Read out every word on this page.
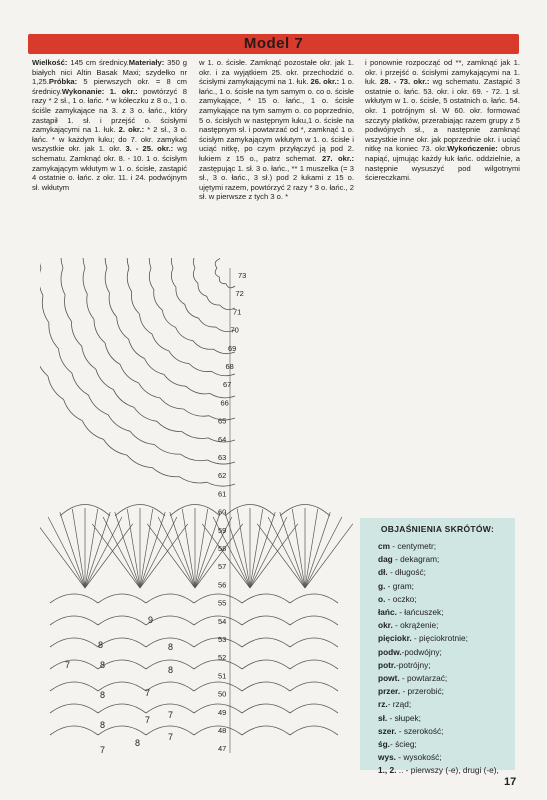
Model 7

Wielkość: 145 cm średnicy.Materiały: 350 g białych nici Altin Basak Maxi; szydełko nr 1,25.Próbka: 5 pierwszych okr. = 8 cm średnicy.Wykonanie: 1. okr.: powtórzyć 8 razy * 2 sł., 1 o. łańc. * w kółeczku z 8 o., 1 o. ściśle zamykające na 3. z 3 o. łańc., który zastąpił 1. sł. i przejść o. ścisłymi zamykającymi na 1. łuk. 2. okr.: * 2 sł., 3 o. łańc. * w każdym łuku; do 7. okr. zamykać wszystkie okr. jak 1. okr. 3. - 25. okr.: wg schematu. Zamknąć okr. 8. - 10. 1 o. ścisłym zamykającym wkłutym w 1. o. ścisłe, zastąpić 4 ostatnie o. łańc. z okr. 11. i 24. podwójnym sł. wkłutym

w 1. o. ścisłe. Zamknąć pozostałe okr. jak 1. okr. i za wyjątkiem 25. okr. przechodzić o. ścisłymi zamykającymi na 1. łuk. 26. okr.: 1 o. łańc., 1 o. ścisłe na tym samym o. co o. ścisłe zamykające, * 15 o. łańc., 1 o. ścisłe zamykające na tym samym o. co poprzednio, 5 o. ścisłych w następnym łuku,1 o. ścisłe na następnym sł. i powtarzać od *, zamknąć 1 o. ścisłym zamykającym wkłutym w 1. o. ścisłe i uciąć nitkę, po czym przyłączyć ją pod 2. łukiem z 15 o., patrz schemat. 27. okr.: zastępując 1. sł. 3 o. łańc., ** 1 muszelka (= 3 sł., 3 o. łańc., 3 sł.) pod 2 łukami z 15 o. ujętymi razem, powtórzyć 2 razy * 3 o. łańc., 2 sł. w pierwsze z tych 3 o. *

i ponownie rozpocząć od **, zamknąć jak 1. okr. i przejść o. ścisłymi zamykającymi na 1. łuk. 28. - 73. okr.: wg schematu. Zastąpić 3 ostatnie o. łańc. 53. okr. i okr. 69. - 72. 1 sł. wkłutym w 1. o. ścisłe, 5 ostatnich o. łańc. 54. okr. 1 potrójnym sł. W 60. okr. formować szczyty płatków, przerabiając razem grupy z 5 podwójnych sł., a następnie zamknąć wszystkie inne okr. jak poprzednie okr. i uciąć nitkę na koniec 73. okr.Wykończenie: obrus napiąć, ujmując każdy łuk łańc. oddzielnie, a następnie wysuszyć pod wilgotnymi ściereczkami.

73
72
71
70
69
68
67
66
65
64
63
62
61
60
59
58
57
56
55
54
53
52
51
50
49
48
47
9
8	8
7	8	8
7
8
7
7
8
7
8
7
OBJAŚNIENIA SKRÓTÓW:
cm - centymetr;
dag - dekagram;
dł. - długość;
g. - gram;
o. - oczko;
łańc. - łańcuszek;
okr. - okrążenie;
pięciokr. - pięciokrotnie;
podw.-podwójny;
potr.-potrójny;
powt. - powtarzać;
przer. - przerobić;
rz.- rząd;
sł. - słupek;
szer. - szerokość;
śg.- ścieg;
wys. - wysokość;
1., 2. .. - pierwszy (-e), drugi (-e),
17
